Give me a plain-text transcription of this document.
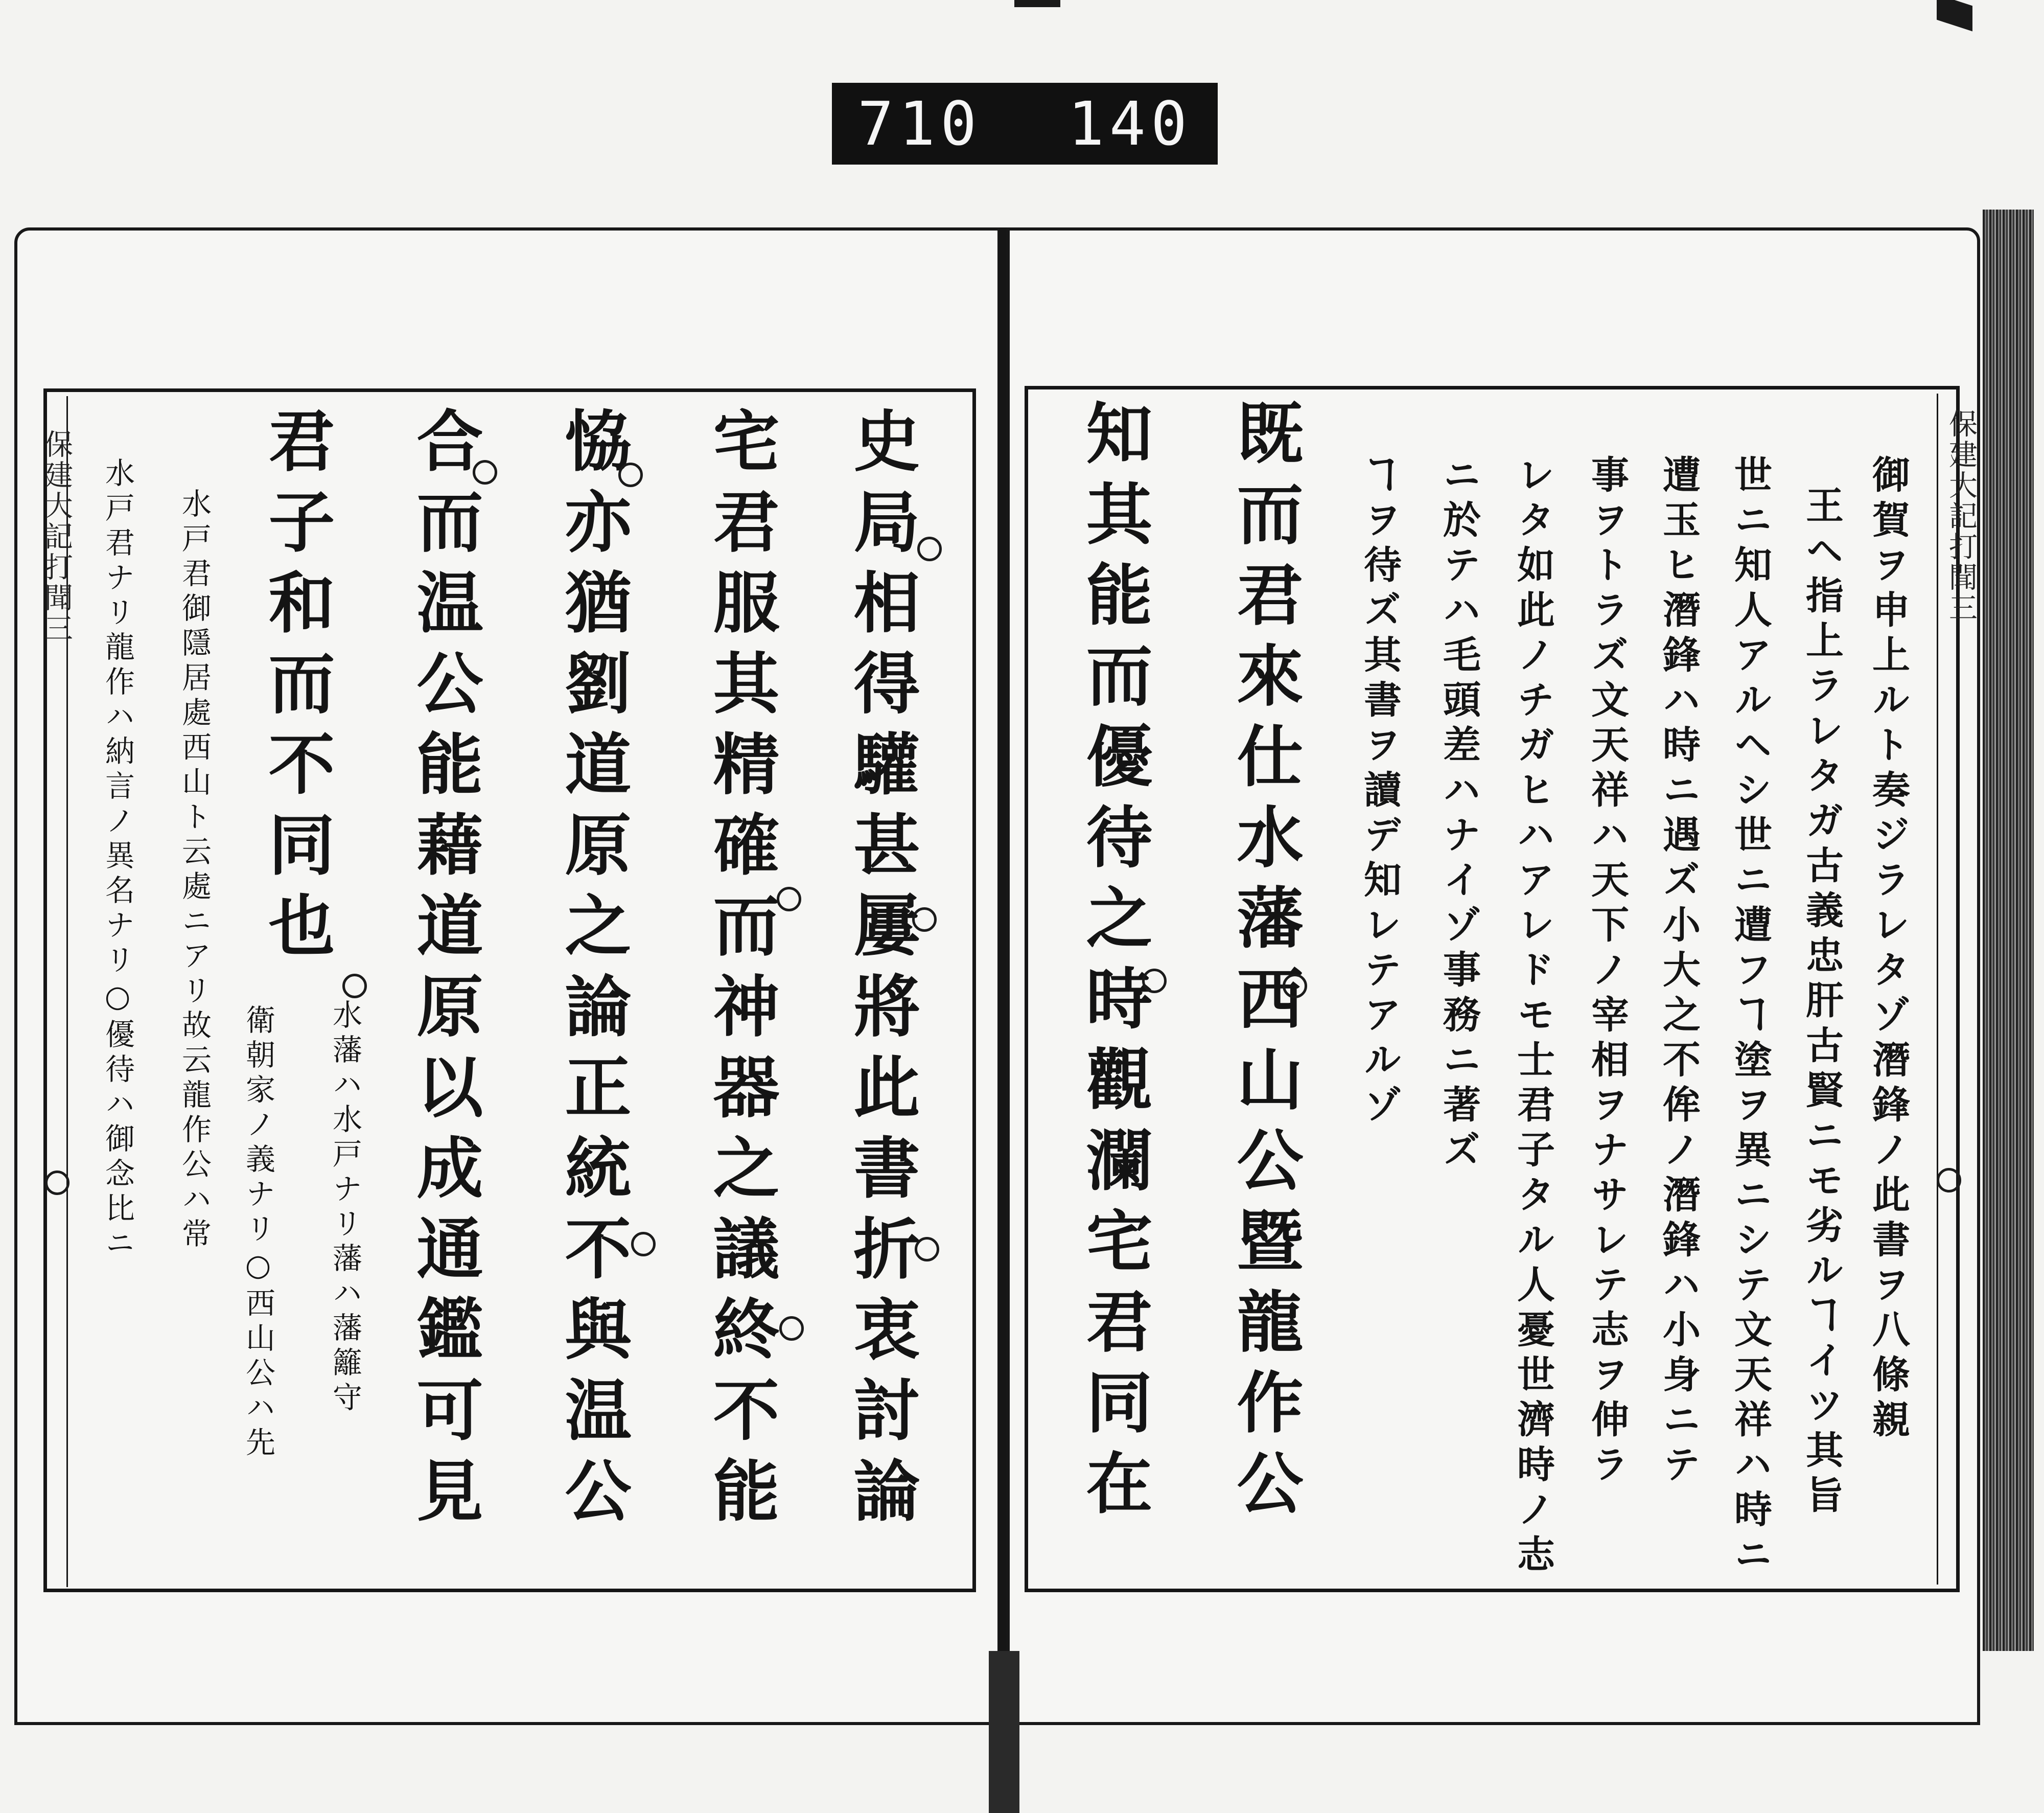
710 140
保建大記打聞三	史局相得驩甚屢將此書折衷討論
宅君服其精確而神器之議終不能
恊亦猶劉道原之論正統不與温公
合而温公能藉道原以成通鑑可見
君子和而不同也
水藩ハ水戸ナリ藩ハ藩籬守
衛朝家ノ義ナリ○西山公ハ先
水戸君御隱居處西山ト云處ニアリ故云龍作公ハ常
水戸君ナリ龍作ハ納言ノ異名ナリ○優待ハ御念比ニ	保建大記打聞三
御賀ヲ申上ルト奏ジラレタゾ潛鋒ノ此書ヲ八條親
王ヘ指上ラレタガ古義忠肝古賢ニモ劣ルヿイツ其旨
世ニ知人アルヘシ世ニ遭フヿ塗ヲ異ニシテ文天祥ハ時ニ
遭玉ヒ潛鋒ハ時ニ遇ズ小大之不侔ノ潛鋒ハ小身ニテ
事ヲトラズ文天祥ハ天下ノ宰相ヲナサレテ志ヲ伸ラ
レタ如此ノチガヒハアレドモ士君子タル人憂世濟時ノ志
ニ於テハ毛頭差ハナイゾ事務ニ著ズ
ヿヲ待ズ其書ヲ讀デ知レテアルゾ
既而君來仕水藩西山公暨龍作公
知其能而優待之時觀瀾宅君同在
